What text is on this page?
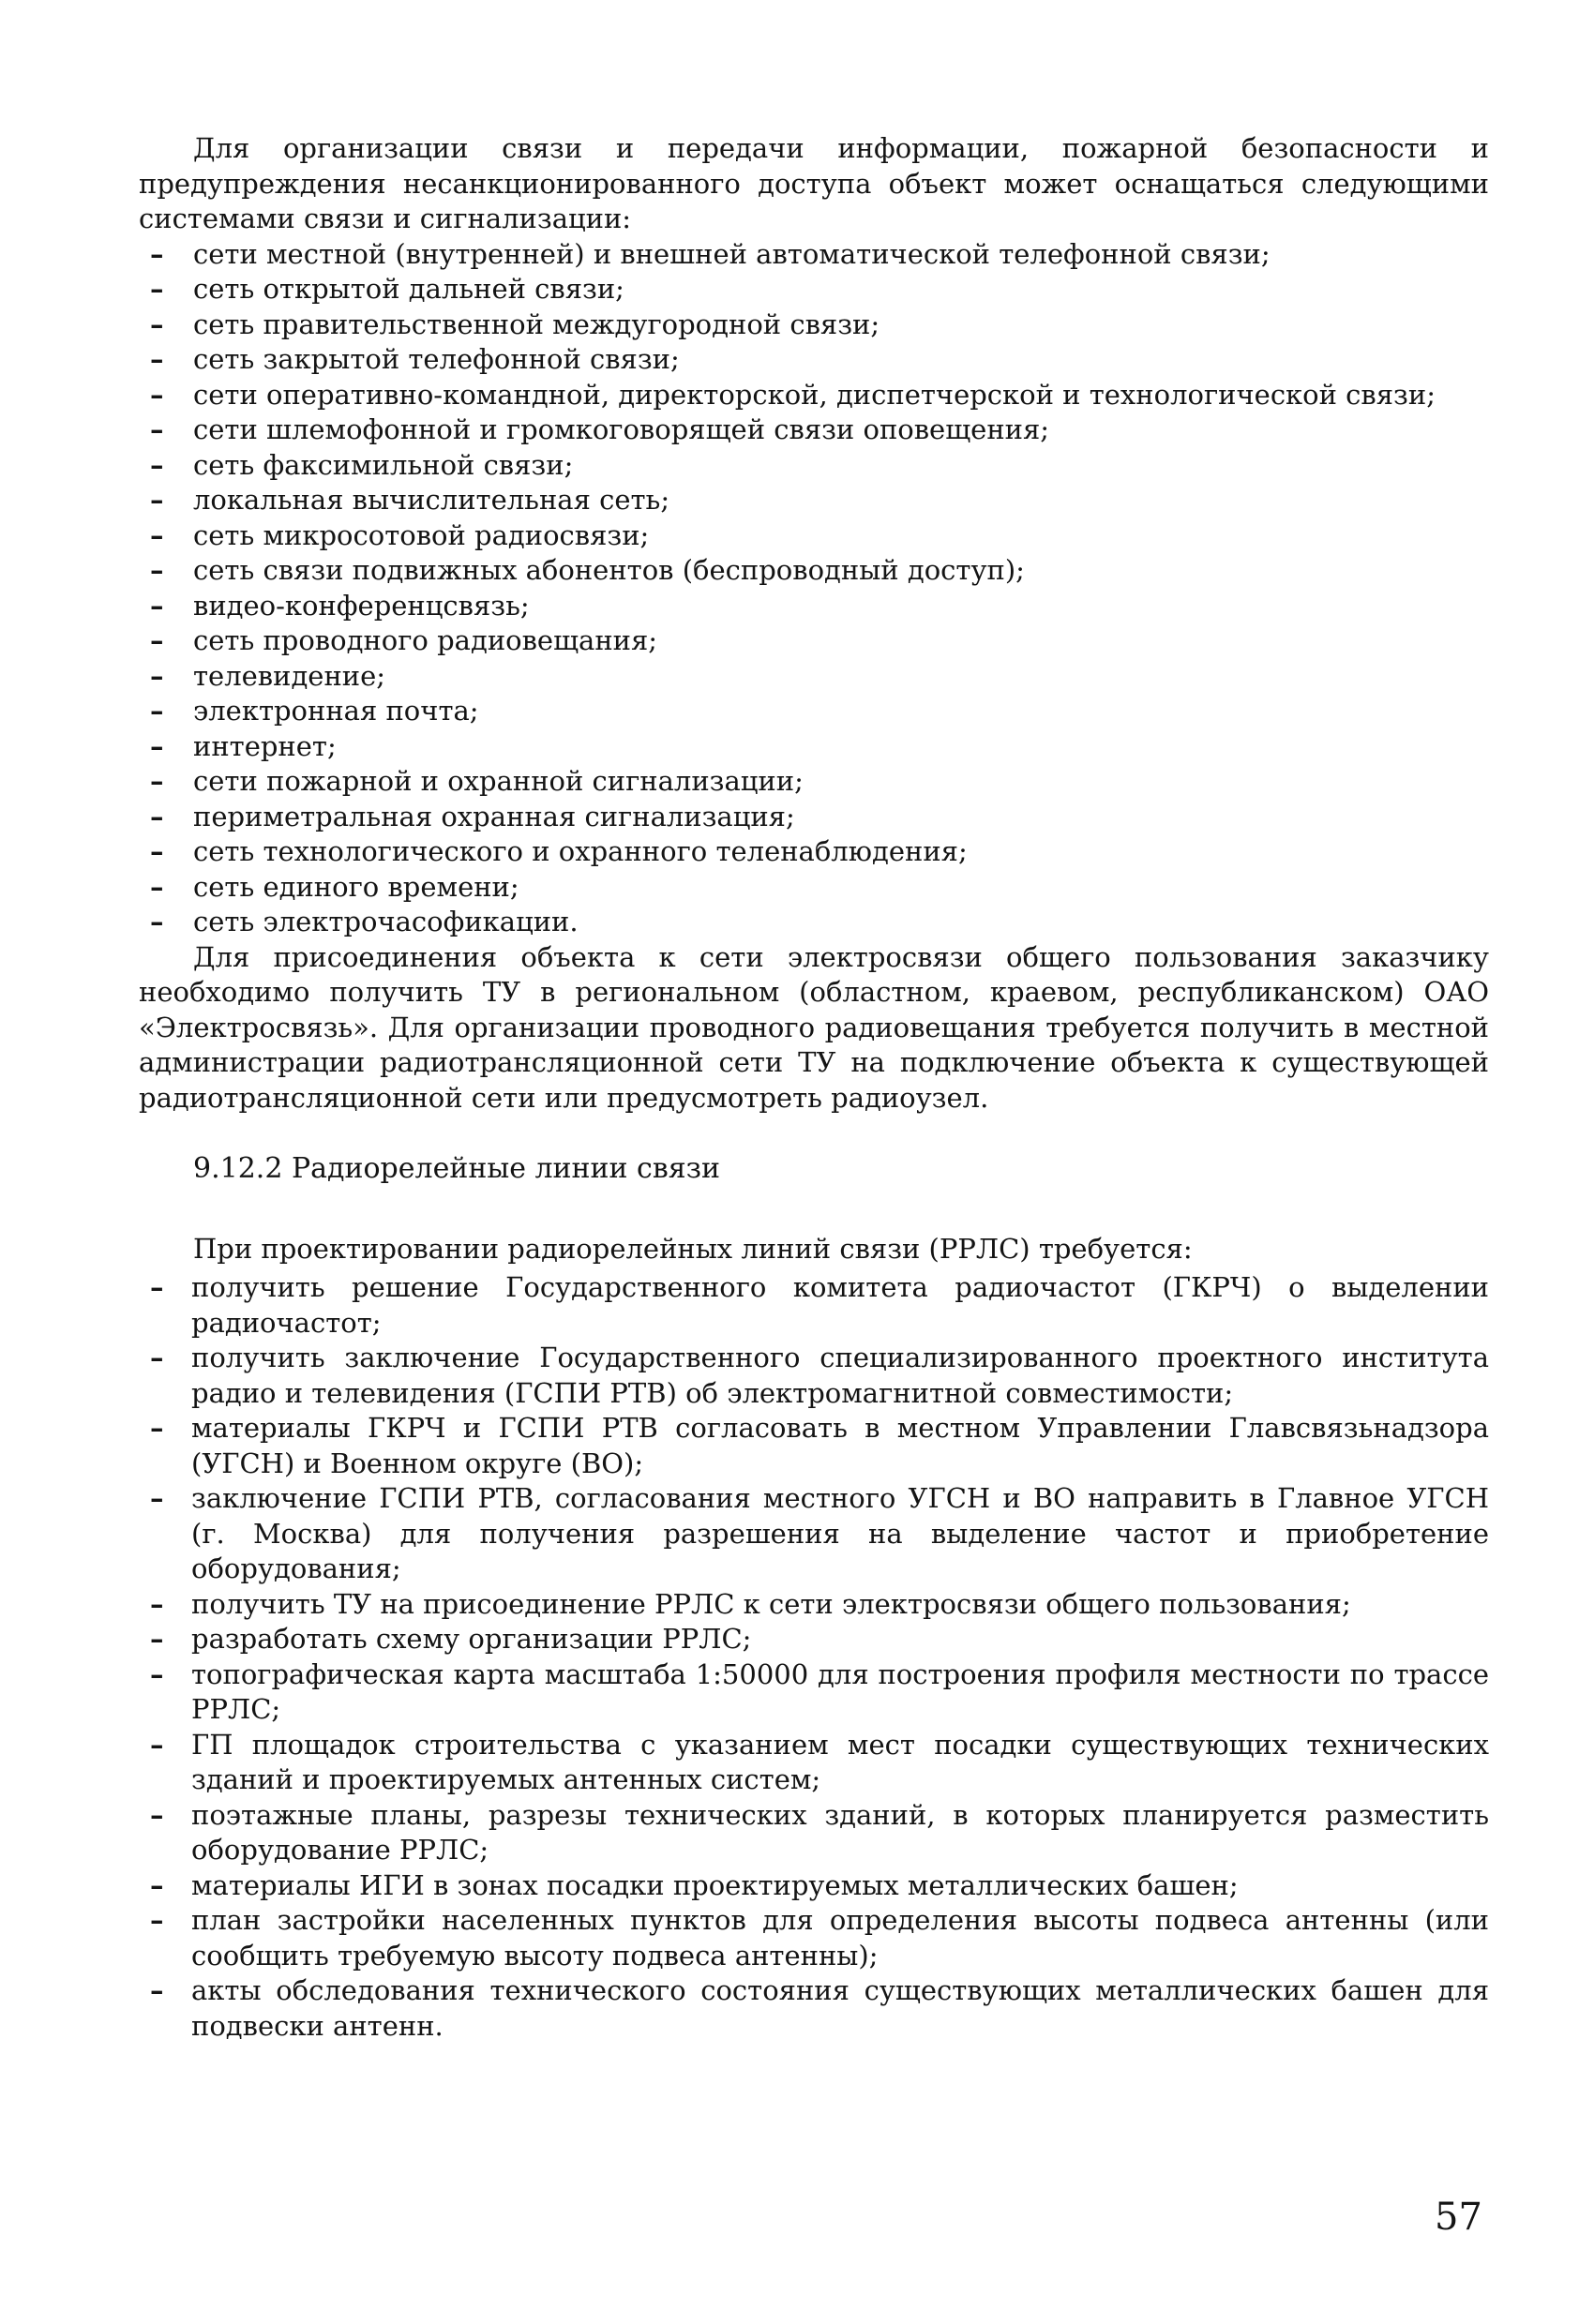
Для организации связи и передачи информации, пожарной безопасности и предупреждения несанкционированного доступа объект может оснащаться следующими системами связи и сигнализации:

– сети местной (внутренней) и внешней автоматической телефонной связи;
– сеть открытой дальней связи;
– сеть правительственной междугородной связи;
– сеть закрытой телефонной связи;
– сети оперативно-командной, директорской, диспетчерской и технологической связи;
– сети шлемофонной и громкоговорящей связи оповещения;
– сеть факсимильной связи;
– локальная вычислительная сеть;
– сеть микросотовой радиосвязи;
– сеть связи подвижных абонентов (беспроводный доступ);
– видео-конференцсвязь;
– сеть проводного радиовещания;
– телевидение;
– электронная почта;
– интернет;
– сети пожарной и охранной сигнализации;
– периметральная охранная сигнализация;
– сеть технологического и охранного теленаблюдения;
– сеть единого времени;
– сеть электрочасофикации.

Для присоединения объекта к сети электросвязи общего пользования заказчику необходимо получить ТУ в региональном (областном, краевом, республиканском) ОАО «Электросвязь». Для организации проводного радиовещания требуется получить в местной администрации радиотрансляционной сети ТУ на подключение объекта к существующей радиотрансляционной сети или предусмотреть радиоузел.

9.12.2 Радиорелейные линии связи

При проектировании радиорелейных линий связи (РРЛС) требуется:

– получить решение Государственного комитета радиочастот (ГКРЧ) о выделении радиочастот;
– получить заключение Государственного специализированного проектного института радио и телевидения (ГСПИ РТВ) об электромагнитной совместимости;
– материалы ГКРЧ и ГСПИ РТВ согласовать в местном Управлении Главсвязьнадзора (УГСН) и Военном округе (ВО);
– заключение ГСПИ РТВ, согласования местного УГСН и ВО направить в Главное УГСН (г. Москва) для получения разрешения на выделение частот и приобретение оборудования;
– получить ТУ на присоединение РРЛС к сети электросвязи общего пользования;
– разработать схему организации РРЛС;
– топографическая карта масштаба 1:50000 для построения профиля местности по трассе РРЛС;
– ГП площадок строительства с указанием мест посадки существующих технических зданий и проектируемых антенных систем;
– поэтажные планы, разрезы технических зданий, в которых планируется разместить оборудование РРЛС;
– материалы ИГИ в зонах посадки проектируемых металлических башен;
– план застройки населенных пунктов для определения высоты подвеса антенны (или сообщить требуемую высоту подвеса антенны);
– акты обследования технического состояния существующих металлических башен для подвески антенн.
57
